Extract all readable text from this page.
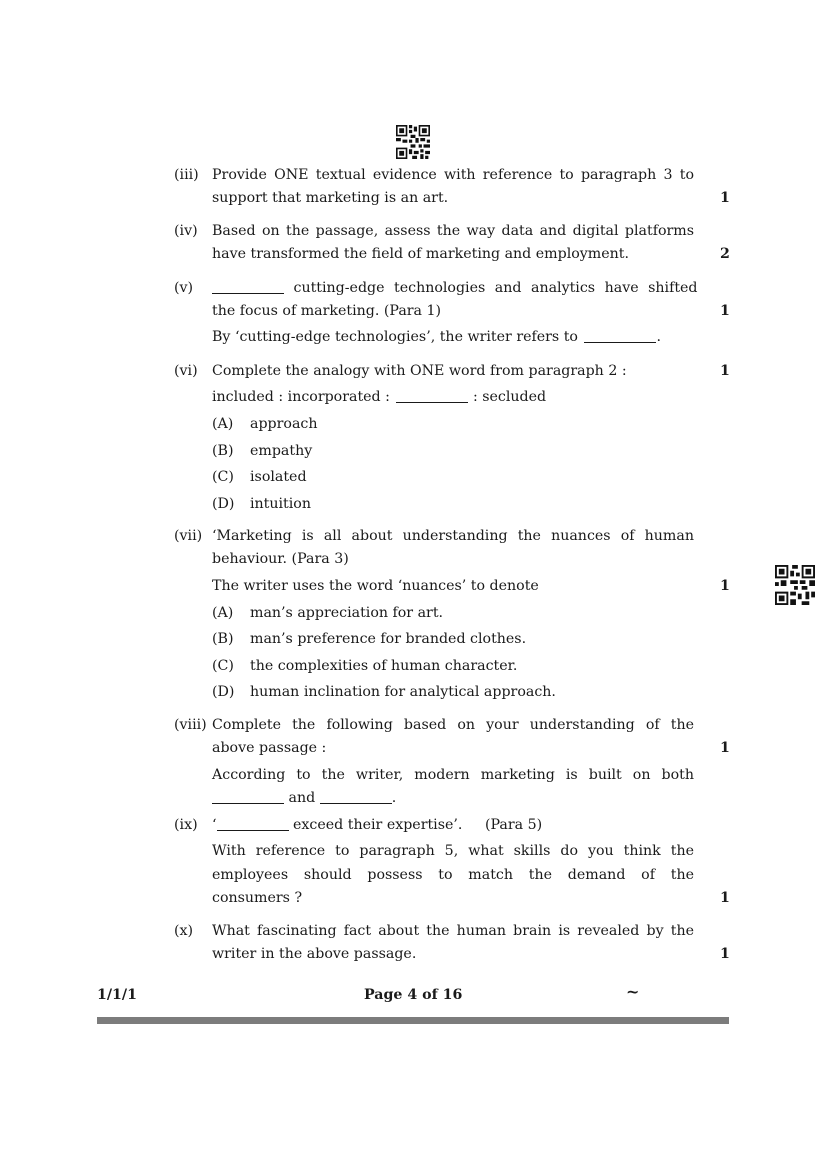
(iii) Provide ONE textual evidence with reference to paragraph 3 to
support that marketing is an art.	1
(iv) Based on the passage, assess the way data and digital platforms
have transformed the field of marketing and employment.	2
(v)	cutting-edge technologies and analytics have shifted
the focus of marketing. (Para 1)
By ‘cutting-edge technologies’, the writer refers to	.
1
(vi) Complete the analogy with ONE word from paragraph 2 :	1
included : incorporated :	: secluded
(A) approach
(B) empathy
(C) isolated
(D) intuition
(vii) ‘Marketing is all about understanding the nuances of human
behaviour. (Para 3)
The writer uses the word ‘nuances’ to denote	1
(A) man’s appreciation for art.
(B) man’s preference for branded clothes.
(C) the complexities of human character.
(D) human inclination for analytical approach.
(viii) Complete the following based on your understanding of the
above passage :	1
According to the writer, modern marketing is built on both
and	.
(ix) ‘	exceed their expertise’. (Para 5)
With reference to paragraph 5, what skills do you think the
employees should possess to match the demand of the
consumers ?	1
(x) What fascinating fact about the human brain is revealed by the
writer in the above passage.	1
1/1/1	Page 4 of 16	~
